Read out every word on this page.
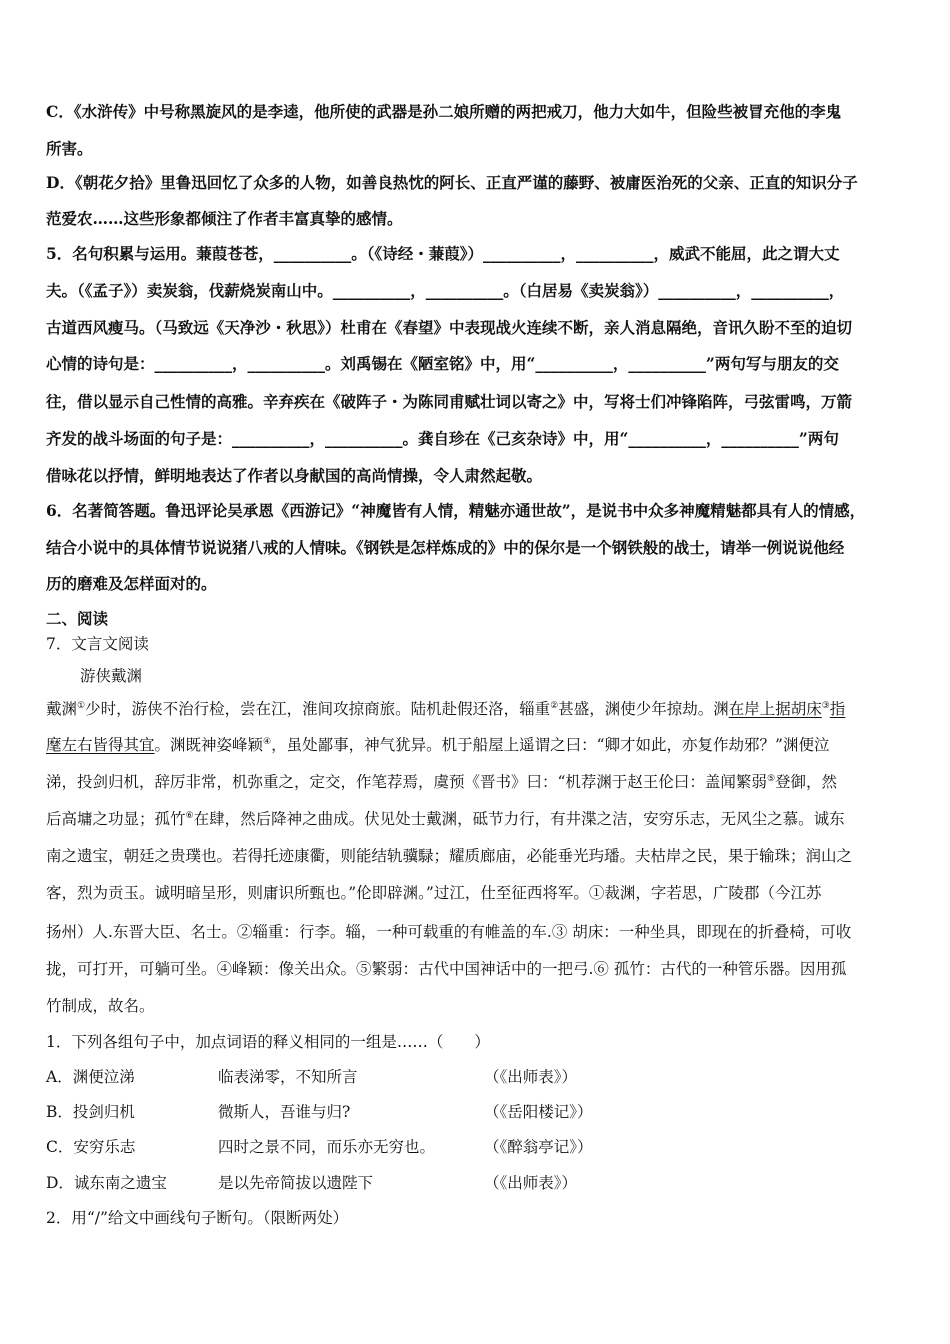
C．《水浒传》中号称黑旋风的是李逵，他所使的武器是孙二娘所赠的两把戒刀，他力大如牛，但险些被冒充他的李鬼
所害。
D．《朝花夕拾》里鲁迅回忆了众多的人物，如善良热忱的阿长、正直严谨的藤野、被庸医治死的父亲、正直的知识分子
范爱农……这些形象都倾注了作者丰富真挚的感情。
5．名句积累与运用。蒹葭苍苍，__________。（《诗经・蒹葭》）__________，__________，威武不能屈，此之谓大丈
夫。（《孟子》）卖炭翁，伐薪烧炭南山中。__________，__________。（白居易《卖炭翁》）__________，__________，
古道西风瘦马。（马致远《天净沙・秋思》）杜甫在《春望》中表现战火连续不断，亲人消息隔绝，音讯久盼不至的迫切
心情的诗句是：__________，__________。刘禹锡在《陋室铭》中，用“__________，__________”两句写与朋友的交
往，借以显示自己性情的高雅。辛弃疾在《破阵子・为陈同甫赋壮词以寄之》中，写将士们冲锋陷阵，弓弦雷鸣，万箭
齐发的战斗场面的句子是：__________，__________。龚自珍在《己亥杂诗》中，用“__________，__________”两句
借咏花以抒情，鲜明地表达了作者以身献国的高尚情操，令人肃然起敬。
6．名著简答题。鲁迅评论吴承恩《西游记》“神魔皆有人情，精魅亦通世故”，是说书中众多神魔精魅都具有人的情感，
结合小说中的具体情节说说猪八戒的人情味。《钢铁是怎样炼成的》中的保尔是一个钢铁般的战士，请举一例说说他经
历的磨难及怎样面对的。
二、阅读
7．文言文阅读
游侠戴渊
戴渊①少时，游侠不治行检，尝在江，淮间攻掠商旅。陆机赴假还洛，辎重②甚盛，渊使少年掠劫。渊在岸上据胡床③指
麾左右皆得其宜。渊既神姿峰颖④，虽处鄙事，神气犹异。机于船屋上遥谓之曰：“卿才如此，亦复作劫邪？”渊便泣
涕，投剑归机，辞厉非常，机弥重之，定交，作笔荐焉，虞预《晋书》曰：“机荐渊于赵王伦曰：盖闻繁弱⑤登御，然
后高墉之功显；孤竹⑥在肆，然后降神之曲成。伏见处士戴渊，砥节力行，有井渫之洁，安穷乐志，无风尘之慕。诚东
南之遗宝，朝廷之贵璞也。若得托迹康衢，则能结轨骥騄；耀质廊庙，必能垂光玙璠。夫枯岸之民，果于输珠；润山之
客，烈为贡玉。诚明暗呈形，则庸识所甄也。”伦即辟渊。”过江，仕至征西将军。①裁渊，字若思，广陵郡（今江苏
扬州）人.东晋大臣、名士。②辎重：行李。辎，一种可载重的有帷盖的车.③ 胡床：一种坐具，即现在的折叠椅，可收
拢，可打开，可躺可坐。④峰颖：像关出众。⑤繁弱：古代中国神话中的一把弓.⑥ 孤竹：古代的一种管乐器。因用孤
竹制成，故名。
1．下列各组句子中，加点词语的释义相同的一组是……（　　）
A．渊便泣涕	临表涕零，不知所言	（《出师表》）
B．投剑归机	微斯人，吾谁与归?	（《岳阳楼记》）
C．安穷乐志	四时之景不同，而乐亦无穷也。	（《醉翁亭记》）
D．诚东南之遗宝	是以先帝简拔以遗陛下	（《出师表》）
2．用“/”给文中画线句子断句。（限断两处）
